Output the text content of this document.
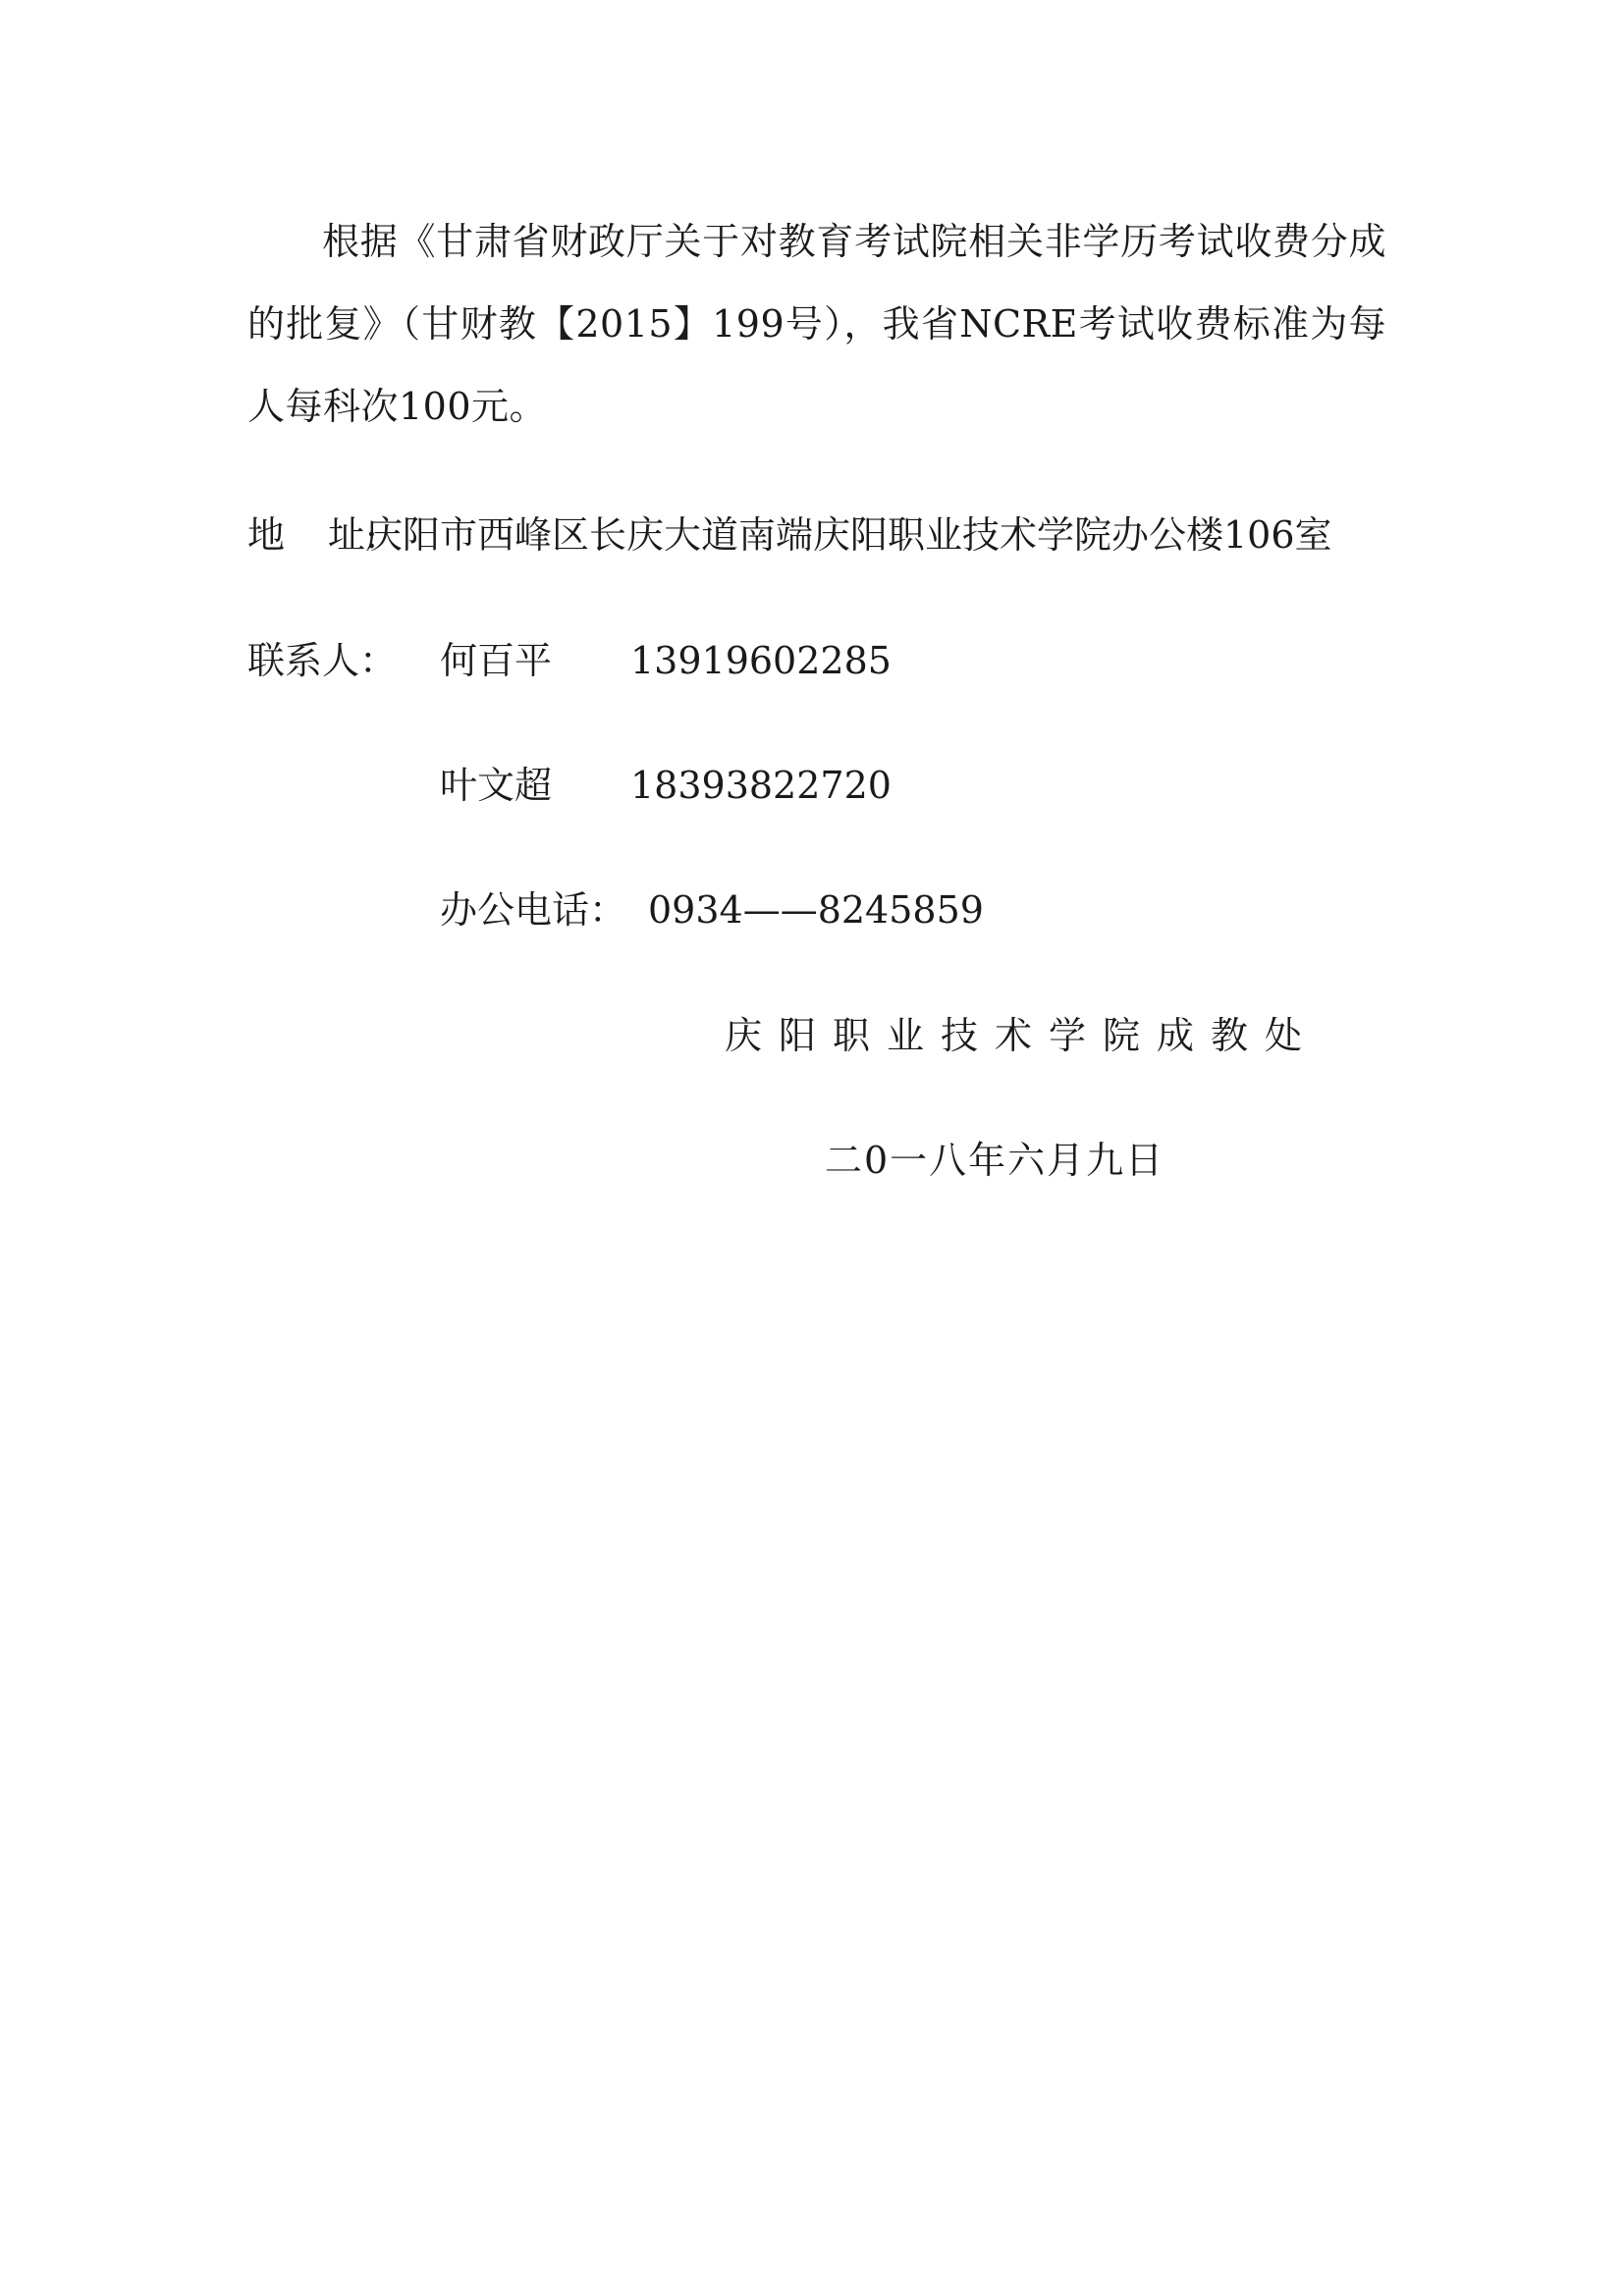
根据《甘肃省财政厅关于对教育考试院相关非学历考试收费分成的批复》（甘财教【2015】199号），我省NCRE考试收费标准为每人每科次100元。

地 址:庆阳市西峰区长庆大道南端庆阳职业技术学院办公楼106室
联系人： 何百平 13919602285
叶文超 18393822720
办公电话： 0934——8245859
庆阳职业技术学院成教处
二0一八年六月九日
